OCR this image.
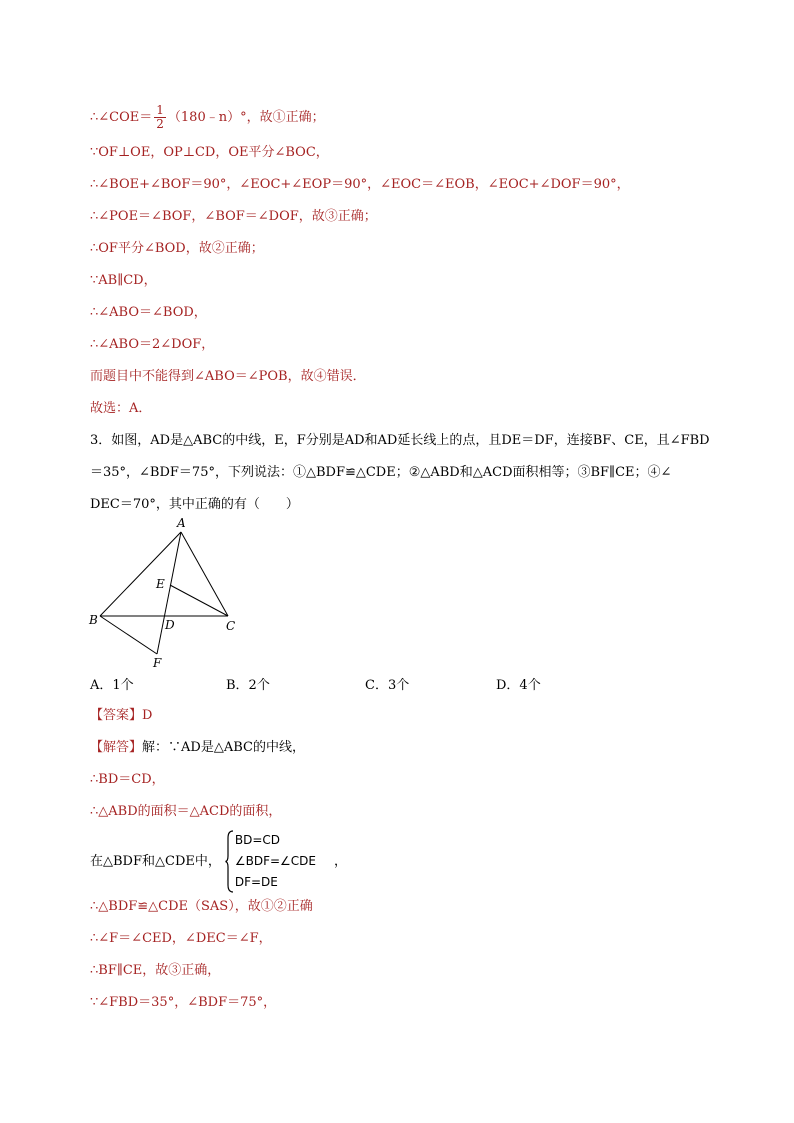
∴∠COE＝ $\frac{1}{2}$ （180﹣n）°，故①正确；
∵OF⊥OE，OP⊥CD，OE平分∠BOC，
∴∠BOE+∠BOF＝90°，∠EOC+∠EOP＝90°，∠EOC＝∠EOB，∠EOC+∠DOF＝90°，
∴∠POE＝∠BOF，∠BOF＝∠DOF，故③正确；
∴OF平分∠BOD，故②正确；
∵AB∥CD，
∴∠ABO＝∠BOD，
∴∠ABO＝2∠DOF，
而题目中不能得到∠ABO＝∠POB，故④错误．
故选：A．
3．如图，AD是△ABC的中线，E，F分别是AD和AD延长线上的点，且DE＝DF，连接BF、CE，且∠FBD
＝35°，∠BDF＝75°，下列说法：①△BDF≌△CDE；②△ABD和△ACD面积相等；③BF∥CE；④∠
DEC＝70°，其中正确的有（　　）
A
B	C
D
E
F
A．1个	B．2个	C．3个	D．4个
【答案】D
【解答】解：∵AD是△ABC的中线，
∴BD＝CD，
∴△ABD的面积＝△ACD的面积，
在△BDF和△CDE中，
BD=CD
∠BDF=∠CDE
DF=DE
，
∴△BDF≌△CDE（SAS），故①②正确
∴∠F＝∠CED，∠DEC＝∠F，
∴BF∥CE，故③正确，
∵∠FBD＝35°，∠BDF＝75°，
